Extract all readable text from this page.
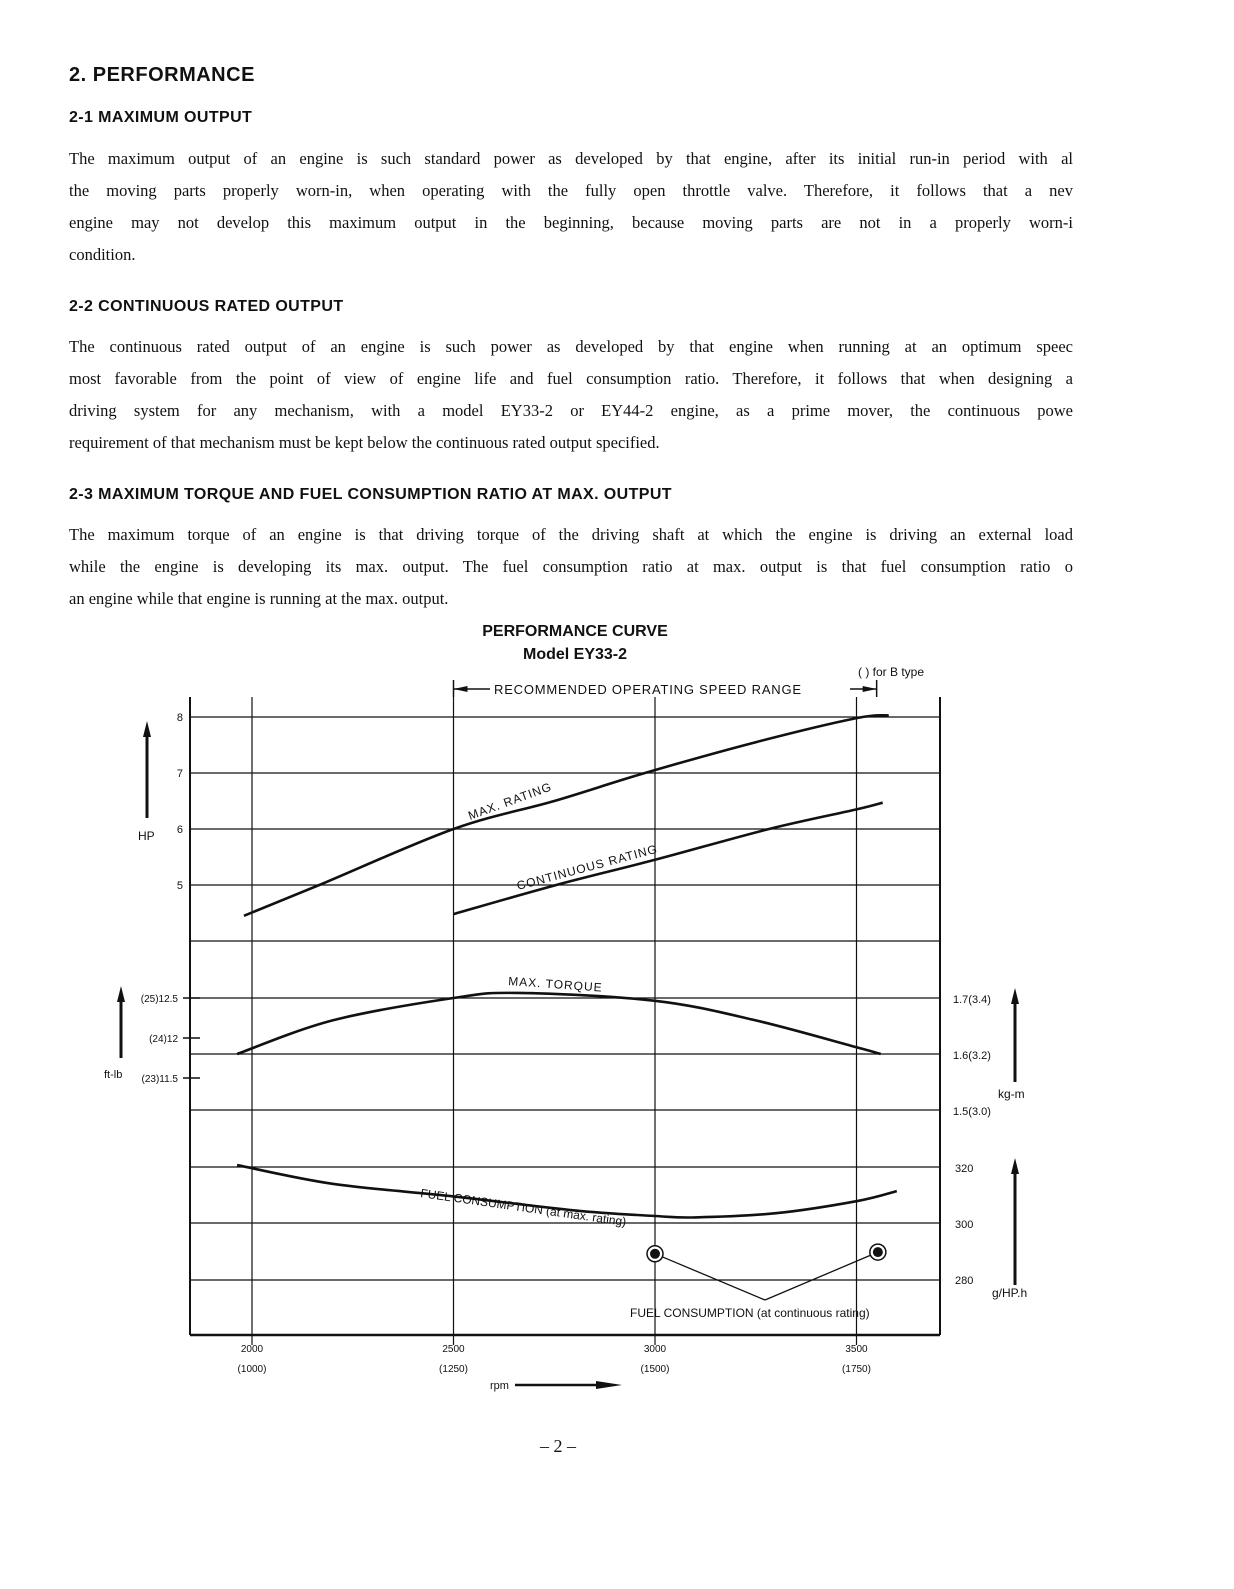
2. PERFORMANCE
2-1 MAXIMUM OUTPUT
The maximum output of an engine is such standard power as developed by that engine, after its initial run-in period with al
the moving parts properly worn-in, when operating with the fully open throttle valve. Therefore, it follows that a nev
engine may not develop this maximum output in the beginning, because moving parts are not in a properly worn-i
condition.
2-2 CONTINUOUS RATED OUTPUT
The continuous rated output of an engine is such power as developed by that engine when running at an optimum speec
most favorable from the point of view of engine life and fuel consumption ratio. Therefore, it follows that when designing a
driving system for any mechanism, with a model EY33-2 or EY44-2 engine, as a prime mover, the continuous powe
requirement of that mechanism must be kept below the continuous rated output specified.
2-3 MAXIMUM TORQUE AND FUEL CONSUMPTION RATIO AT MAX. OUTPUT
The maximum torque of an engine is that driving torque of the driving shaft at which the engine is driving an external load
while the engine is developing its max. output. The fuel consumption ratio at max. output is that fuel consumption ratio o
an engine while that engine is running at the max. output.
PERFORMANCE CURVE
Model EY33-2
( ) for B type
RECOMMENDED OPERATING SPEED RANGE
8
7
6
5
(25)12.5
(24)12
(23)11.5
1.7(3.4)
1.6(3.2)
1.5(3.0)
320
300
280
2000
(1000)
2500
(1250)
3000
(1500)
3500
(1750)
MAX. RATING
CONTINUOUS RATING
MAX. TORQUE
FUEL CONSUMPTION (at max. rating)
FUEL CONSUMPTION (at continuous rating)
HP
ft-lb
kg-m
g/HP.h
rpm
– 2 –
